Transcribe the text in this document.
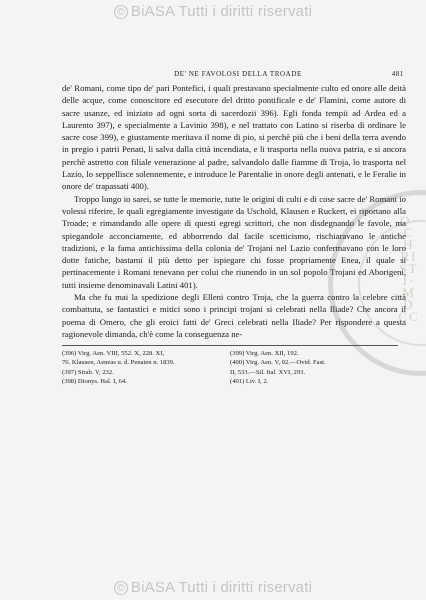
© BiASA Tutti i diritti riservati
O·CHRISTI·MDCC
DE' NE FAVOLOSI DELLA TROADE	481

de' Romani, come tipo de' pari Pontefici, i quali prestavano specialmente culto ed onore alle deità delle acque, come conoscitore ed esecutore del dritto pontificale e de' Flamini, come autore di sacre usanze, ed iniziato ad ogni sorta di sacerdozii 396). Egli fonda tempii ad Ardea ed a Laurento 397), e specialmente a Lavinio 398), e nel trattato con Latino si riserba di ordinare le sacre cose 399), e giustamente meritava il nome di pio, si perchè più che i beni della terra avendo in pregio i patrii Penati, li salva dalla città incendiata, e li trasporta nella nuova patria, e si ancora perchè astretto con filiale venerazione al padre, salvandolo dalle fiamme di Troja, lo trasporta nel Lazio, lo seppellisce solennemente, e introduce le Parentalie in onore degli antenati, e le Feralie in onore de' trapassati 400).

Troppo lungo io sarei, se tutte le memorie, tutte le origini di culti e di cose sacre de' Romani io volessi riferire, le quali egregiamente investigate da Uschold, Klausen e Ruckert, ei riportano alla Troade; e rimandando alle opere di questi egregi scrittori, che non disdegnando le favole, ma spiegandole acconciamente, ed abborrendo dal facile scetticismo, rischiaravano le antiche tradizioni, e la fama antichissima della colonia de' Trojani nel Lazio confermavano con le loro dotte fatiche, bastami il più detto per ispiegare chi fosse propriamente Enea, il quale si pertinacemente i Romani tenevano per colui che riunendo in un sol popolo Trojani ed Aborigeni, tutti insieme denominavali Latini 401).

Ma che fu mai la spedizione degli Elleni contro Troja, che la guerra contro la celebre città combattuta, se fantastici e mitici sono i principi trojani si celebrati nella Iliade? Che ancora il poema di Omero, che gli eroici fatti de' Greci celebrati nella Iliade? Per rispondere a questa ragionevole dimanda, ch'è come la conseguenza ne-

(396) Virg. Aen. VIII, 552. X, 228. XI,
76. Klausen, Aeneas u. d. Penaten n. 1839.
(397) Strab. V, 232.
(398) Dionys. Hal. I, 64.
(399) Virg. Aen. XII, 192.
(400) Virg. Aen. V, 92.—Ovid. Fast.
II, 533.—Sil. Ital. XVI, 293.
(401) Liv. I, 2.
© BiASA Tutti i diritti riservati
